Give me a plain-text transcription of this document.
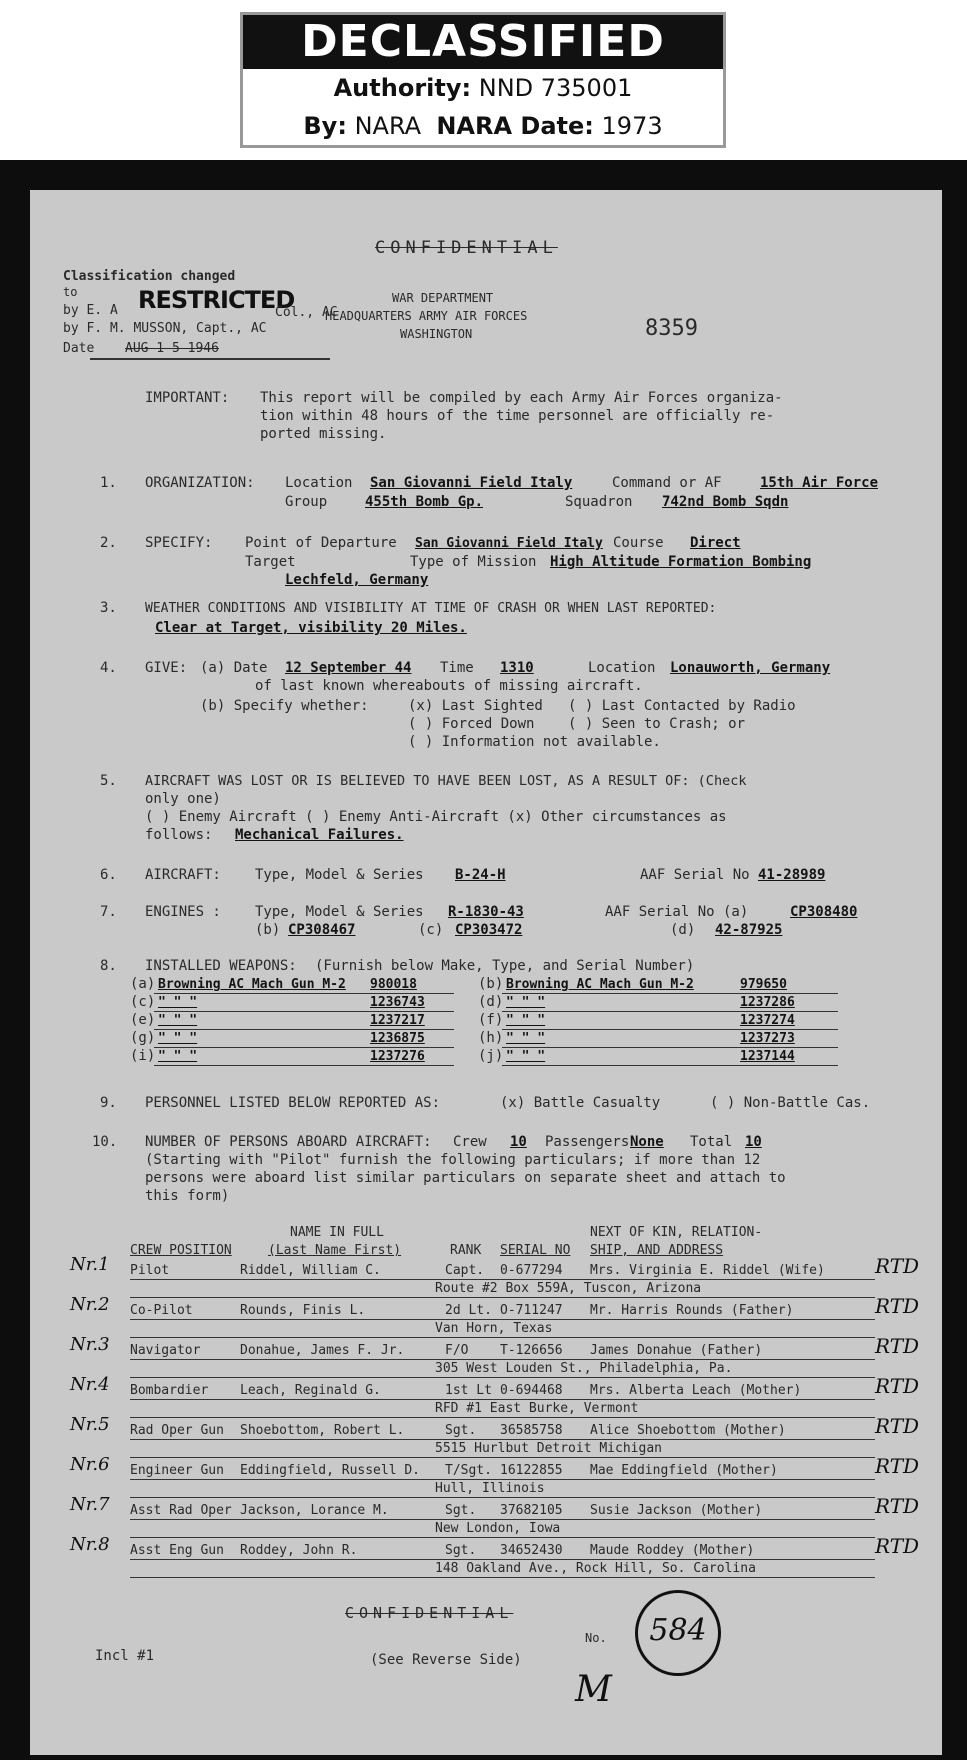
DECLASSIFIED
Authority: NND 735001
By: NARA NARA Date: 1973
CONFIDENTIAL
Classification changed
to
by E. A RESTRICTED
Col., AC
by F. M. MUSSON, Capt., AC
Date AUG 1 5 1946
WAR DEPARTMENT
HEADQUARTERS ARMY AIR FORCES
WASHINGTON	8359
IMPORTANT: This report will be compiled by each Army Air Forces organiza-
tion within 48 hours of the time personnel are officially re-
ported missing.
1. ORGANIZATION: Location San Giovanni Field Italy	Command or AF	15th Air Force
Group	455th Bomb Gp.	Squadron 742nd Bomb Sqdn
2. SPECIFY: Point of Departure San Giovanni Field Italy Course Direct
Target	Type of Mission High Altitude Formation Bombing
Lechfeld, Germany
3. WEATHER CONDITIONS AND VISIBILITY AT TIME OF CRASH OR WHEN LAST REPORTED:
Clear at Target, visibility 20 Miles.
4. GIVE: (a) Date 12 September 44 Time 1310	Location Lonauworth, Germany
of last known whereabouts of missing aircraft.
(b) Specify whether:	(x) Last Sighted ( ) Last Contacted by Radio
( ) Forced Down ( ) Seen to Crash; or
( ) Information not available.
5. AIRCRAFT WAS LOST OR IS BELIEVED TO HAVE BEEN LOST, AS A RESULT OF: (Check
only one)
( ) Enemy Aircraft ( ) Enemy Anti-Aircraft (x) Other circumstances as
follows: Mechanical Failures.
6. AIRCRAFT: Type, Model & Series B-24-H	AAF Serial No 41-28989
7. ENGINES : Type, Model & Series R-1830-43	AAF Serial No (a)	CP308480
(b) CP308467	(c) CP303472	(d) 42-87925
8. INSTALLED WEAPONS: (Furnish below Make, Type, and Serial Number)
(a) Browning AC Mach Gun M-2 980018	(b) Browning AC Mach Gun M-2	979650
(c) " " "	1236743	(d) " " "	1237286
(e) " " "	1237217	(f) " " "	1237274
(g) " " "	1236875	(h) " " "	1237273
(i) " " "	1237276	(j) " " "	1237144
9. PERSONNEL LISTED BELOW REPORTED AS:	(x) Battle Casualty	( ) Non-Battle Cas.
10. NUMBER OF PERSONS ABOARD AIRCRAFT: Crew 10 Passengers None Total 10
(Starting with "Pilot" furnish the following particulars; if more than 12
persons were aboard list similar particulars on separate sheet and attach to
this form)
NAME IN FULL	NEXT OF KIN, RELATION-
CREW POSITION	(Last Name First)	RANK SERIAL NO SHIP, AND ADDRESS
Nr.1 Pilot	Riddel, William C.	Capt. 0-677294 Mrs. Virginia E. Riddel (Wife)
Route #2 Box 559A, Tuscon, Arizona
RTD
Nr.2 Co-Pilot	Rounds, Finis L.	2d Lt. O-711247 Mr. Harris Rounds (Father)
Van Horn, Texas
RTD
Nr.3 Navigator	Donahue, James F. Jr.	F/O T-126656 James Donahue (Father)
305 West Louden St., Philadelphia, Pa.
RTD
Nr.4 Bombardier Leach, Reginald G.	1st Lt 0-694468 Mrs. Alberta Leach (Mother)
RFD #1 East Burke, Vermont
RTD
Nr.5 Rad Oper Gun Shoebottom, Robert L.	Sgt. 36585758 Alice Shoebottom (Mother)
5515 Hurlbut Detroit Michigan
RTD
Nr.6 Engineer Gun Eddingfield, Russell D. T/Sgt. 16122855 Mae Eddingfield (Mother)
Hull, Illinois
RTD
Nr.7 Asst Rad Oper Jackson, Lorance M.	Sgt. 37682105 Susie Jackson (Mother)
New London, Iowa
RTD
Nr.8 Asst Eng Gun Roddey, John R.	Sgt. 34652430 Maude Roddey (Mother)
148 Oakland Ave., Rock Hill, So. Carolina
RTD
CONFIDENTIAL
Incl #1	(See Reverse Side)
No.	584
M
